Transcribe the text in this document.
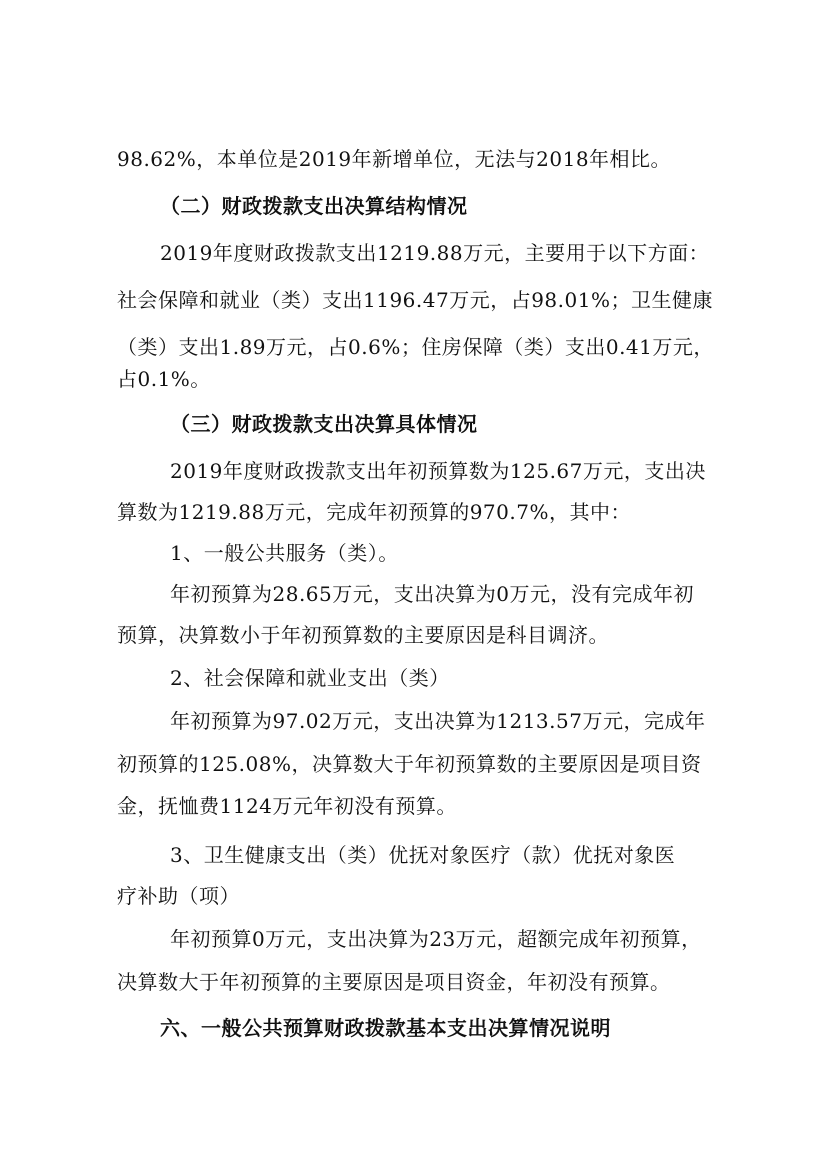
98.62%，本单位是2019年新增单位，无法与2018年相比。
（二）财政拨款支出决算结构情况
2019年度财政拨款支出1219.88万元，主要用于以下方面：
社会保障和就业（类）支出1196.47万元，占98.01%；卫生健康
（类）支出1.89万元，占0.6%；住房保障（类）支出0.41万元，
占0.1%。
（三）财政拨款支出决算具体情况
2019年度财政拨款支出年初预算数为125.67万元，支出决
算数为1219.88万元，完成年初预算的970.7%，其中：
1、一般公共服务（类）。
年初预算为28.65万元，支出决算为0万元，没有完成年初
预算，决算数小于年初预算数的主要原因是科目调济。
2、社会保障和就业支出（类）
年初预算为97.02万元，支出决算为1213.57万元，完成年
初预算的125.08%，决算数大于年初预算数的主要原因是项目资
金，抚恤费1124万元年初没有预算。
3、卫生健康支出（类）优抚对象医疗（款）优抚对象医
疗补助（项）
年初预算0万元，支出决算为23万元，超额完成年初预算，
决算数大于年初预算的主要原因是项目资金，年初没有预算。
六、一般公共预算财政拨款基本支出决算情况说明
